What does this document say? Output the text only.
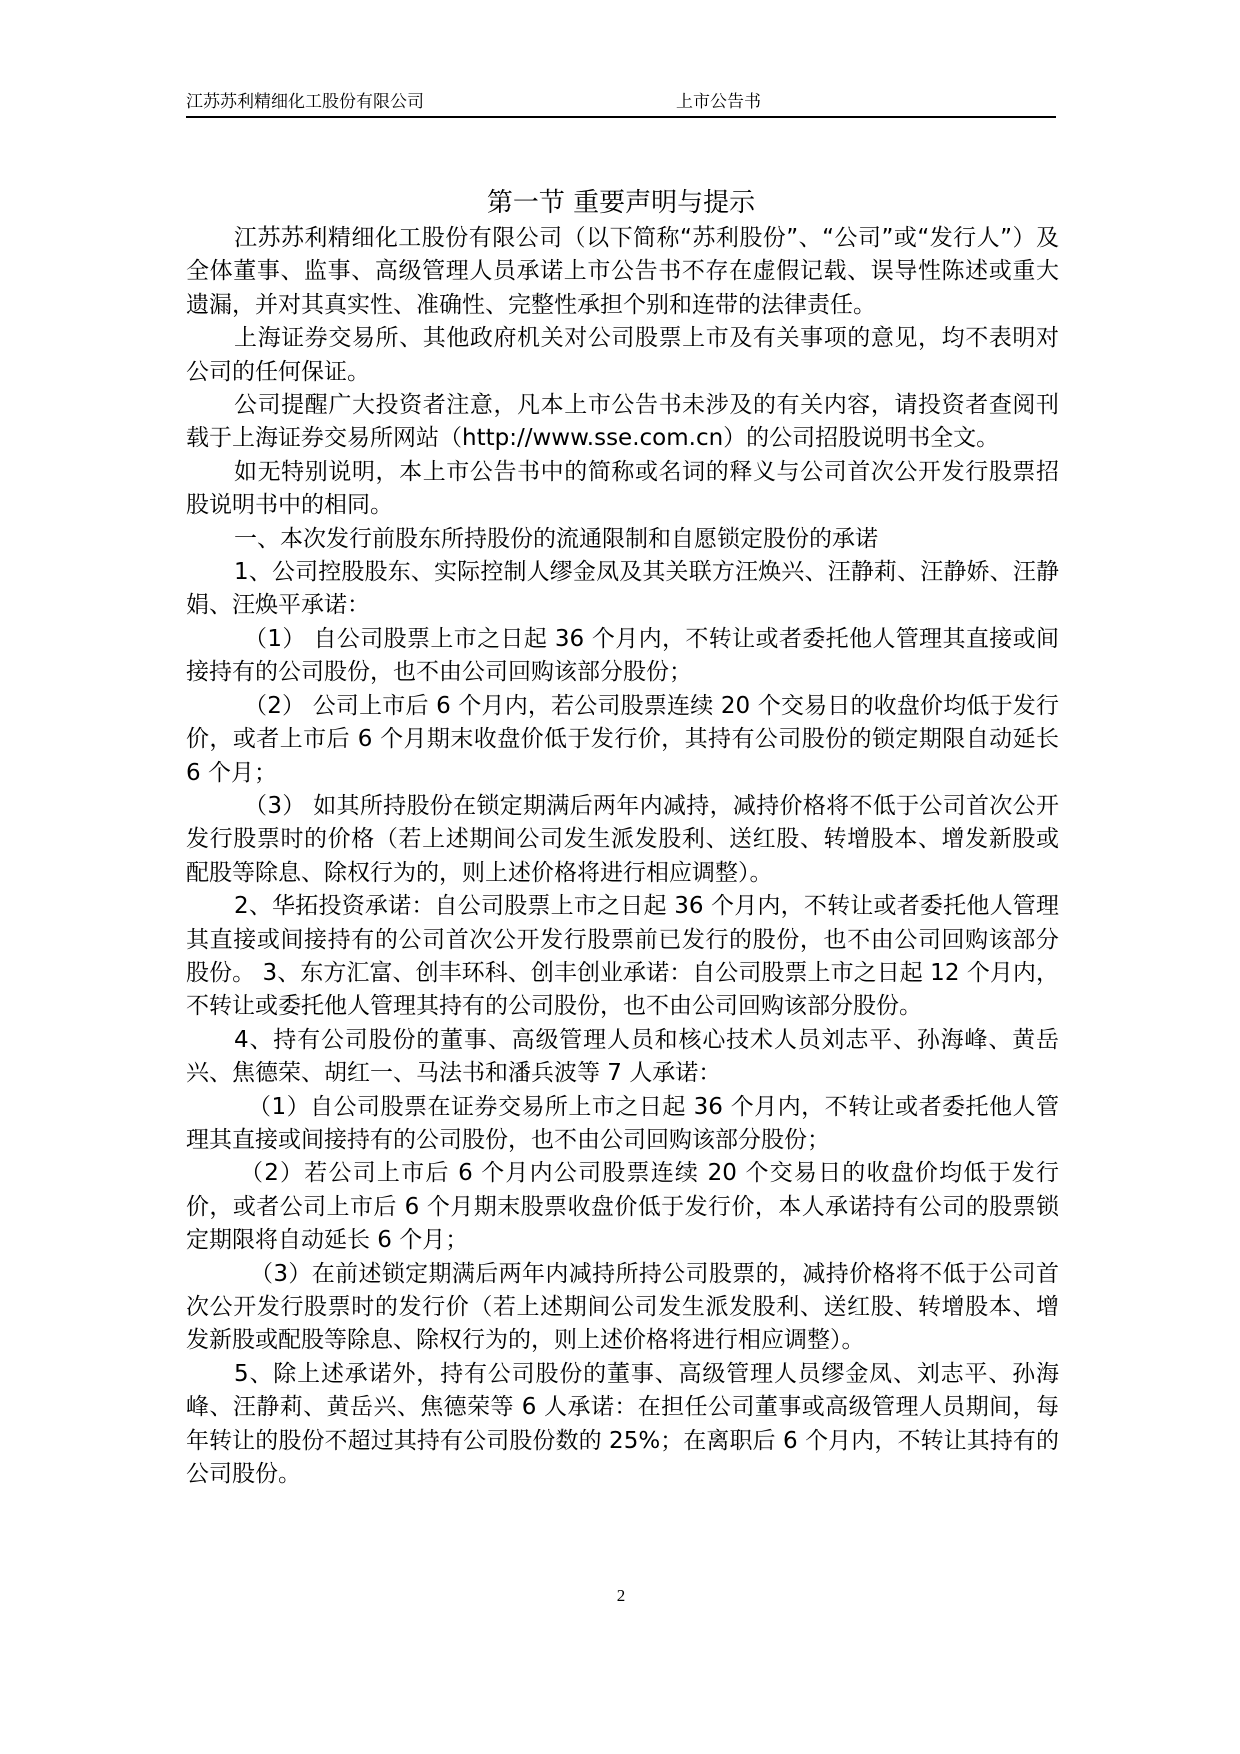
江苏苏利精细化工股份有限公司	上市公告书
第一节 重要声明与提示

江苏苏利精细化工股份有限公司（以下简称“苏利股份”、“公司”或“发行人”）及全体董事、监事、高级管理人员承诺上市公告书不存在虚假记载、误导性陈述或重大遗漏，并对其真实性、准确性、完整性承担个别和连带的法律责任。

上海证券交易所、其他政府机关对公司股票上市及有关事项的意见，均不表明对公司的任何保证。

公司提醒广大投资者注意，凡本上市公告书未涉及的有关内容，请投资者查阅刊载于上海证券交易所网站（http://www.sse.com.cn）的公司招股说明书全文。

如无特别说明，本上市公告书中的简称或名词的释义与公司首次公开发行股票招股说明书中的相同。

一、本次发行前股东所持股份的流通限制和自愿锁定股份的承诺

1、公司控股股东、实际控制人缪金凤及其关联方汪焕兴、汪静莉、汪静娇、汪静娟、汪焕平承诺：

（1） 自公司股票上市之日起 36 个月内，不转让或者委托他人管理其直接或间接持有的公司股份，也不由公司回购该部分股份；

（2） 公司上市后 6 个月内，若公司股票连续 20 个交易日的收盘价均低于发行价，或者上市后 6 个月期末收盘价低于发行价，其持有公司股份的锁定期限自动延长 6 个月；

（3） 如其所持股份在锁定期满后两年内减持，减持价格将不低于公司首次公开发行股票时的价格（若上述期间公司发生派发股利、送红股、转增股本、增发新股或配股等除息、除权行为的，则上述价格将进行相应调整）。

2、华拓投资承诺：自公司股票上市之日起 36 个月内，不转让或者委托他人管理其直接或间接持有的公司首次公开发行股票前已发行的股份，也不由公司回购该部分股份。 3、东方汇富、创丰环科、创丰创业承诺：自公司股票上市之日起 12 个月内，不转让或委托他人管理其持有的公司股份，也不由公司回购该部分股份。

4、持有公司股份的董事、高级管理人员和核心技术人员刘志平、孙海峰、黄岳兴、焦德荣、胡红一、马法书和潘兵波等 7 人承诺：

（1）自公司股票在证券交易所上市之日起 36 个月内，不转让或者委托他人管理其直接或间接持有的公司股份，也不由公司回购该部分股份；

（2）若公司上市后 6 个月内公司股票连续 20 个交易日的收盘价均低于发行价，或者公司上市后 6 个月期末股票收盘价低于发行价，本人承诺持有公司的股票锁定期限将自动延长 6 个月；

（3）在前述锁定期满后两年内减持所持公司股票的，减持价格将不低于公司首次公开发行股票时的发行价（若上述期间公司发生派发股利、送红股、转增股本、增发新股或配股等除息、除权行为的，则上述价格将进行相应调整）。

5、除上述承诺外，持有公司股份的董事、高级管理人员缪金凤、刘志平、孙海峰、汪静莉、黄岳兴、焦德荣等 6 人承诺：在担任公司董事或高级管理人员期间，每年转让的股份不超过其持有公司股份数的 25%；在离职后 6 个月内，不转让其持有的公司股份。

2
